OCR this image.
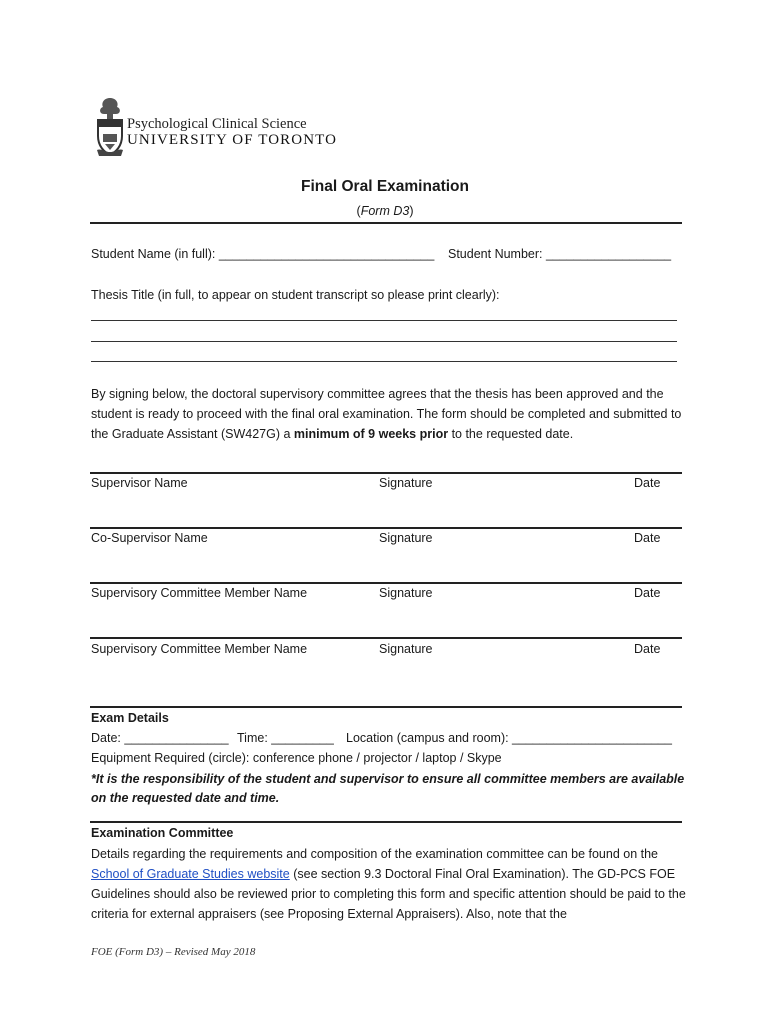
Psychological Clinical Science
UNIVERSITY OF TORONTO
Final Oral Examination
(Form D3)
Student Name (in full): _______________________________ Student Number: __________________
Thesis Title (in full, to appear on student transcript so please print clearly):
By signing below, the doctoral supervisory committee agrees that the thesis has been approved and the student is ready to proceed with the final oral examination. The form should be completed and submitted to the Graduate Assistant (SW427G) a minimum of 9 weeks prior to the requested date.
Supervisor Name	Signature	Date
Co-Supervisor Name	Signature	Date
Supervisory Committee Member Name	Signature	Date
Supervisory Committee Member Name	Signature	Date
Exam Details
Date: _______________ Time: _________ Location (campus and room): _______________________
Equipment Required (circle): conference phone / projector / laptop / Skype
*It is the responsibility of the student and supervisor to ensure all committee members are available on the requested date and time.
Examination Committee
Details regarding the requirements and composition of the examination committee can be found on the School of Graduate Studies website (see section 9.3 Doctoral Final Oral Examination). The GD-PCS FOE Guidelines should also be reviewed prior to completing this form and specific attention should be paid to the criteria for external appraisers (see Proposing External Appraisers). Also, note that the
FOE (Form D3) – Revised May 2018
